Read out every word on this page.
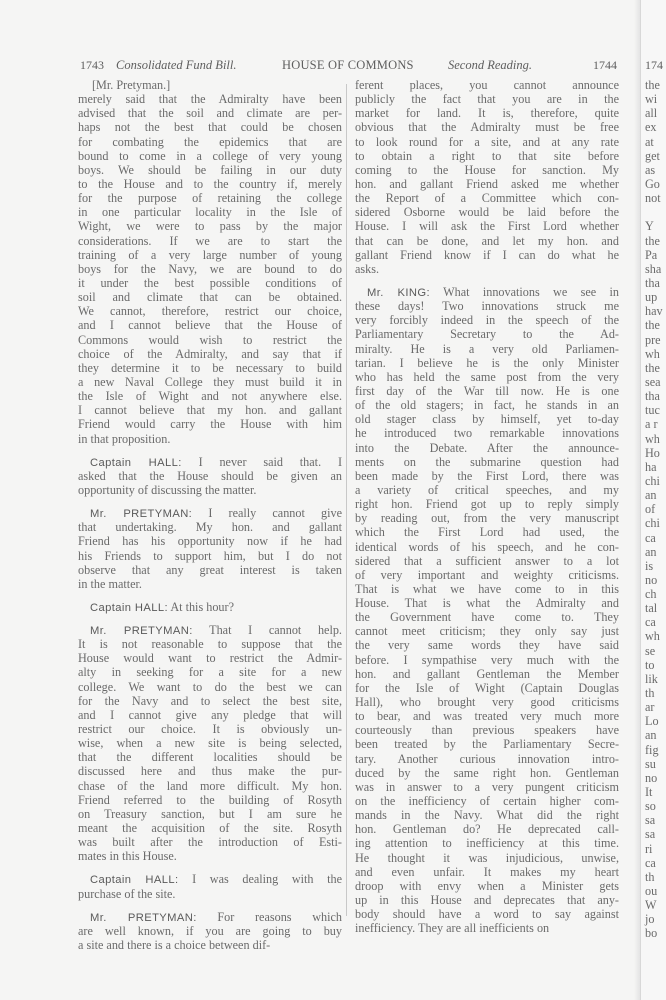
1743 Consolidated Fund Bill.	HOUSE OF COMMONS	Second Reading.	1744
[Mr. Pretyman.]
merely said that the Admiralty have been
advised that the soil and climate are per-
haps not the best that could be chosen
for combating the epidemics that are
bound to come in a college of very young
boys. We should be failing in our duty
to the House and to the country if, merely
for the purpose of retaining the college
in one particular locality in the Isle of
Wight, we were to pass by the major
considerations. If we are to start the
training of a very large number of young
boys for the Navy, we are bound to do
it under the best possible conditions of
soil and climate that can be obtained.
We cannot, therefore, restrict our choice,
and I cannot believe that the House of
Commons would wish to restrict the
choice of the Admiralty, and say that if
they determine it to be necessary to build
a new Naval College they must build it in
the Isle of Wight and not anywhere else.
I cannot believe that my hon. and gallant
Friend would carry the House with him
in that proposition.
Captain HALL: I never said that. I
asked that the House should be given an
opportunity of discussing the matter.
Mr. PRETYMAN: I really cannot give
that undertaking. My hon. and gallant
Friend has his opportunity now if he had
his Friends to support him, but I do not
observe that any great interest is taken
in the matter.
Captain HALL: At this hour?
Mr. PRETYMAN: That I cannot help.
It is not reasonable to suppose that the
House would want to restrict the Admir-
alty in seeking for a site for a new
college. We want to do the best we can
for the Navy and to select the best site,
and I cannot give any pledge that will
restrict our choice. It is obviously un-
wise, when a new site is being selected,
that the different localities should be
discussed here and thus make the pur-
chase of the land more difficult. My hon.
Friend referred to the building of Rosyth
on Treasury sanction, but I am sure he
meant the acquisition of the site. Rosyth
was built after the introduction of Esti-
mates in this House.
Captain HALL: I was dealing with the
purchase of the site.
Mr. PRETYMAN: For reasons which
are well known, if you are going to buy
a site and there is a choice between dif-
ferent places, you cannot announce
publicly the fact that you are in the
market for land. It is, therefore, quite
obvious that the Admiralty must be free
to look round for a site, and at any rate
to obtain a right to that site before
coming to the House for sanction. My
hon. and gallant Friend asked me whether
the Report of a Committee which con-
sidered Osborne would be laid before the
House. I will ask the First Lord whether
that can be done, and let my hon. and
gallant Friend know if I can do what he
asks.
Mr. KING: What innovations we see in
these days! Two innovations struck me
very forcibly indeed in the speech of the
Parliamentary Secretary to the Ad-
miralty. He is a very old Parliamen-
tarian. I believe he is the only Minister
who has held the same post from the very
first day of the War till now. He is one
of the old stagers; in fact, he stands in an
old stager class by himself, yet to-day
he introduced two remarkable innovations
into the Debate. After the announce-
ments on the submarine question had
been made by the First Lord, there was
a variety of critical speeches, and my
right hon. Friend got up to reply simply
by reading out, from the very manuscript
which the First Lord had used, the
identical words of his speech, and he con-
sidered that a sufficient answer to a lot
of very important and weighty criticisms.
That is what we have come to in this
House. That is what the Admiralty and
the Government have come to. They
cannot meet criticism; they only say just
the very same words they have said
before. I sympathise very much with the
hon. and gallant Gentleman the Member
for the Isle of Wight (Captain Douglas
Hall), who brought very good criticisms
to bear, and was treated very much more
courteously than previous speakers have
been treated by the Parliamentary Secre-
tary. Another curious innovation intro-
duced by the same right hon. Gentleman
was in answer to a very pungent criticism
on the inefficiency of certain higher com-
mands in the Navy. What did the right
hon. Gentleman do? He deprecated call-
ing attention to inefficiency at this time.
He thought it was injudicious, unwise,
and even unfair. It makes my heart
droop with envy when a Minister gets
up in this House and deprecates that any-
body should have a word to say against
inefficiency. They are all inefficients on
174
the
wi
all
ex
at
get
as
Go
not
Y
the
Pa
sha
tha
up
hav
the
pre
wh
the
sea
tha
tuc
a r
wh
Ho
ha
chi
an
of
chi
ca
an
is
no
ch
tal
ca
wh
se
to
lik
th
ar
Lo
an
fig
su
no
It
so
sa
sa
ri
ca
th
ou
W
jo
bo
